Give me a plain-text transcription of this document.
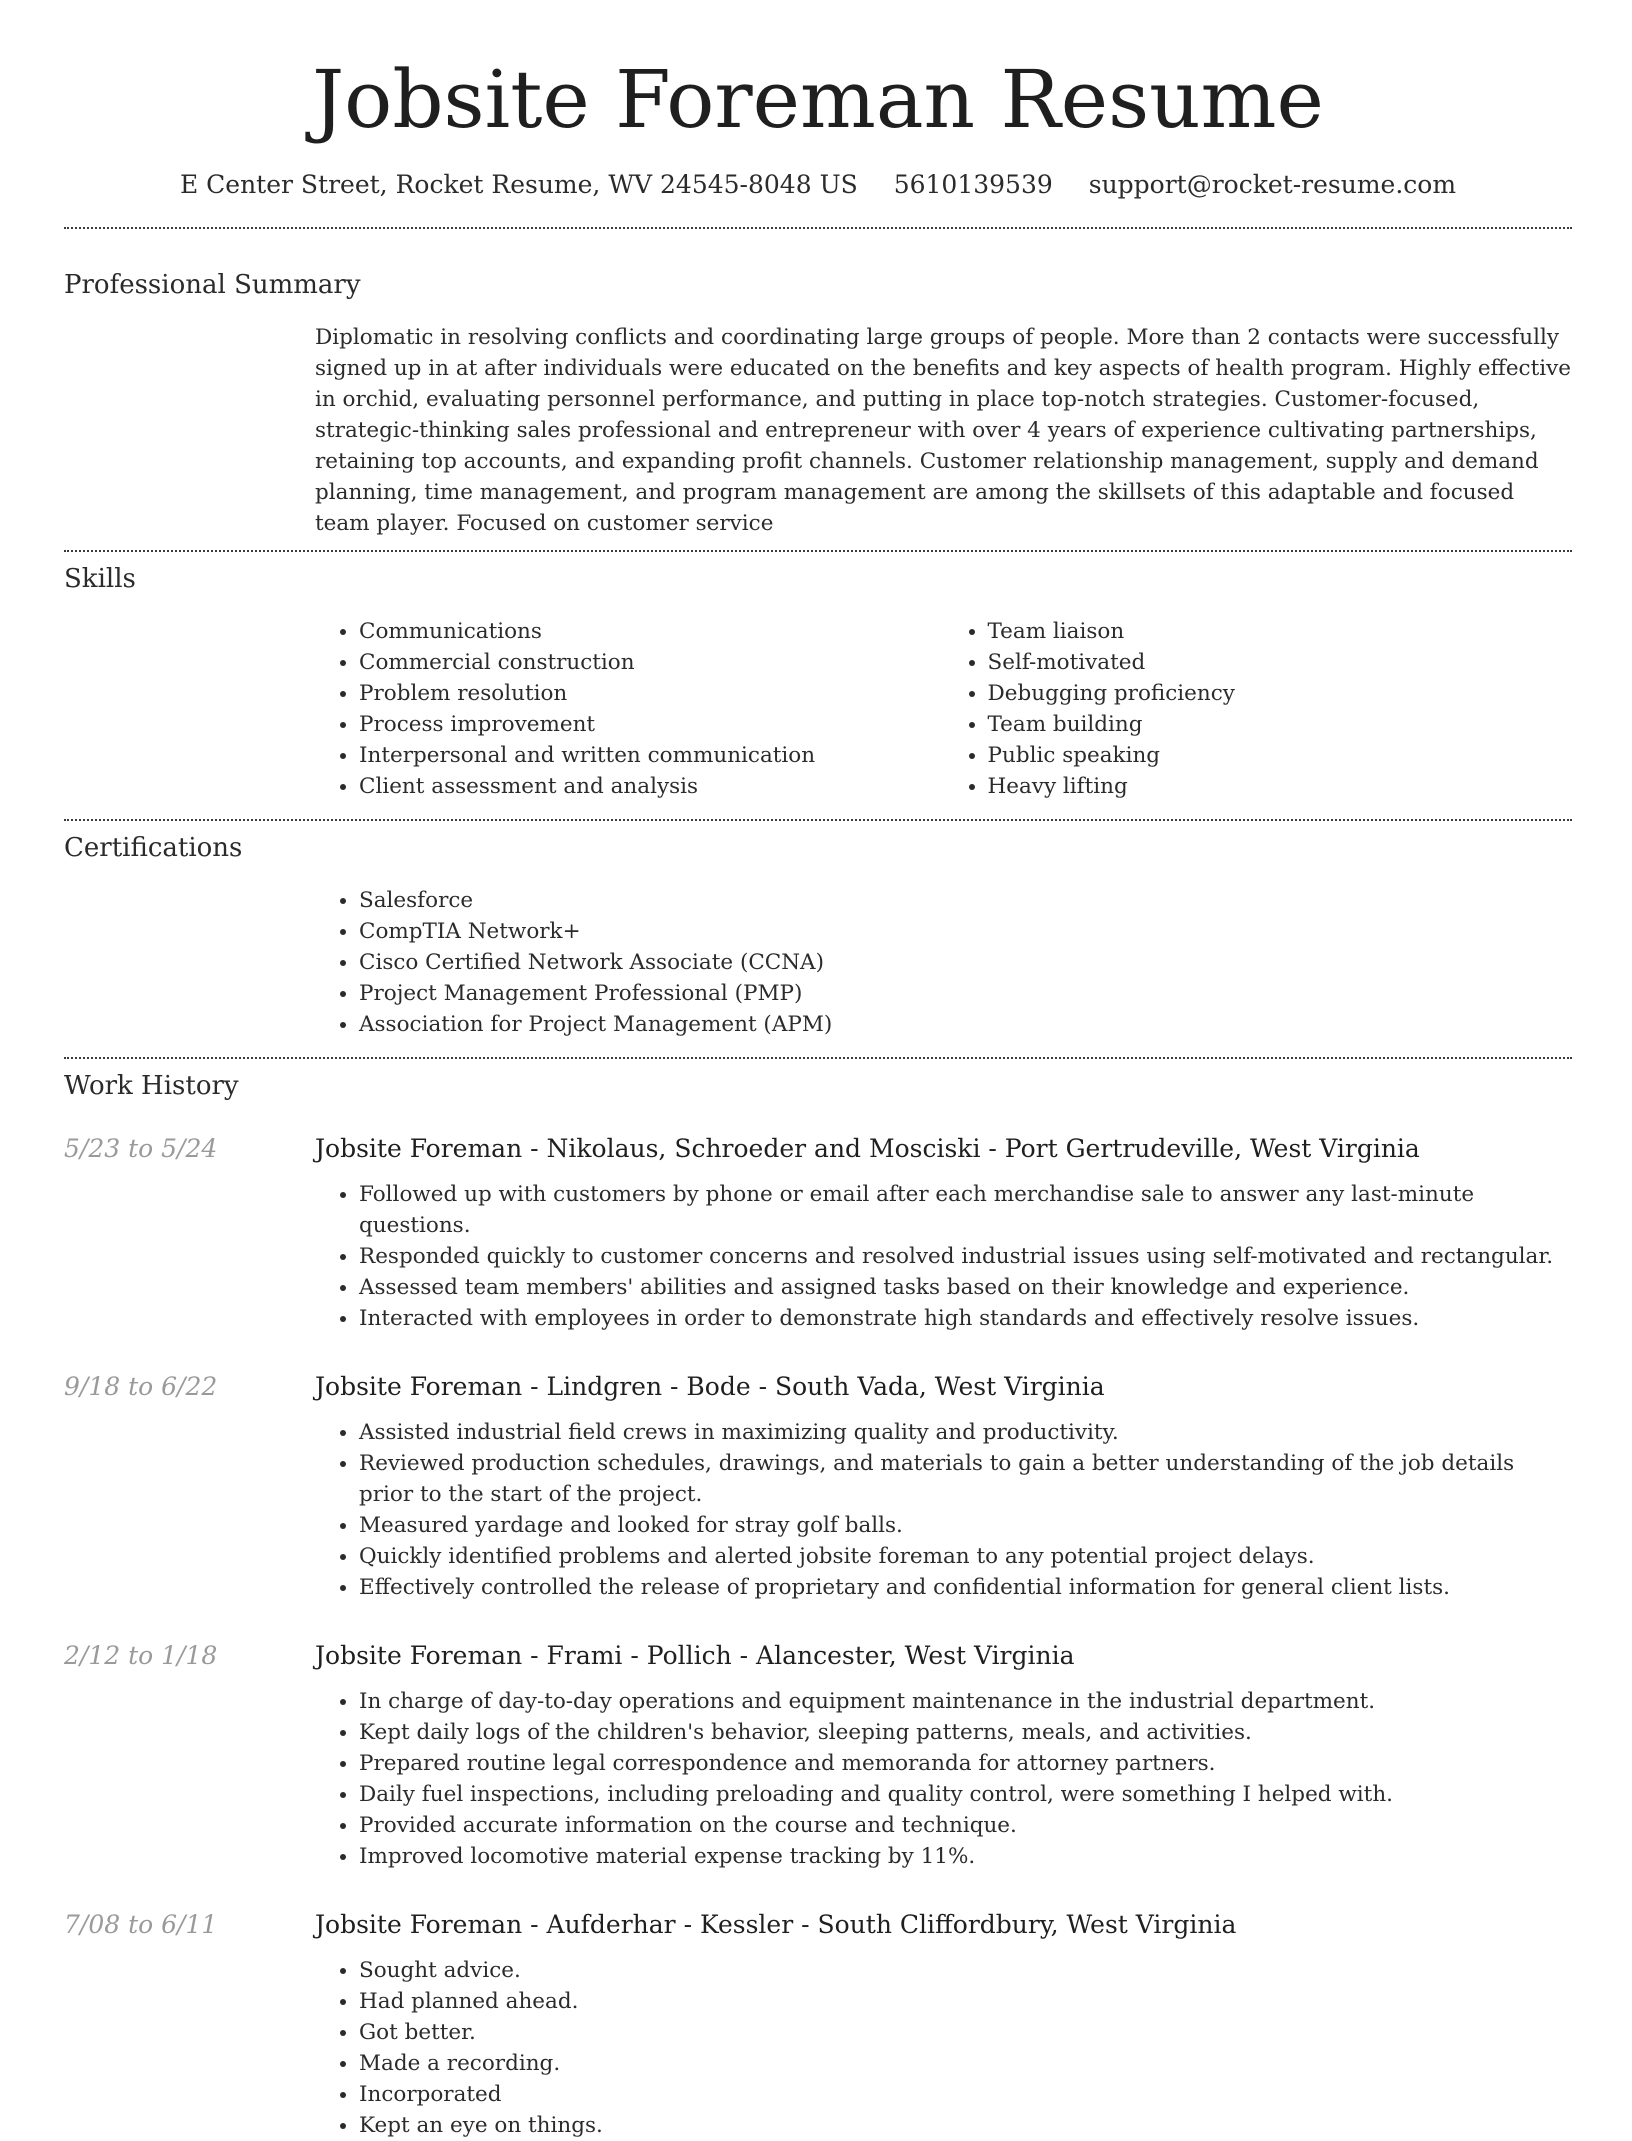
Jobsite Foreman Resume
E Center Street, Rocket Resume, WV 24545-8048 US 5610139539 support@rocket-resume.com
Professional Summary

Diplomatic in resolving conflicts and coordinating large groups of people. More than 2 contacts were successfully signed up in at after individuals were educated on the benefits and key aspects of health program. Highly effective in orchid, evaluating personnel performance, and putting in place top-notch strategies. Customer-focused, strategic-thinking sales professional and entrepreneur with over 4 years of experience cultivating partnerships, retaining top accounts, and expanding profit channels. Customer relationship management, supply and demand planning, time management, and program management are among the skillsets of this adaptable and focused team player. Focused on customer service

Skills
• Communications
• Commercial construction
• Problem resolution
• Process improvement
• Interpersonal and written communication
• Client assessment and analysis
• Team liaison
• Self-motivated
• Debugging proficiency
• Team building
• Public speaking
• Heavy lifting
Certifications
• Salesforce
• CompTIA Network+
• Cisco Certified Network Associate (CCNA)
• Project Management Professional (PMP)
• Association for Project Management (APM)
Work History
5/23 to 5/24	Jobsite Foreman - Nikolaus, Schroeder and Mosciski - Port Gertrudeville, West Virginia
• Followed up with customers by phone or email after each merchandise sale to answer any last-minute questions.
• Responded quickly to customer concerns and resolved industrial issues using self-motivated and rectangular.
• Assessed team members' abilities and assigned tasks based on their knowledge and experience.
• Interacted with employees in order to demonstrate high standards and effectively resolve issues.
9/18 to 6/22	Jobsite Foreman - Lindgren - Bode - South Vada, West Virginia
• Assisted industrial field crews in maximizing quality and productivity.
• Reviewed production schedules, drawings, and materials to gain a better understanding of the job details prior to the start of the project.
• Measured yardage and looked for stray golf balls.
• Quickly identified problems and alerted jobsite foreman to any potential project delays.
• Effectively controlled the release of proprietary and confidential information for general client lists.
2/12 to 1/18	Jobsite Foreman - Frami - Pollich - Alancester, West Virginia
• In charge of day-to-day operations and equipment maintenance in the industrial department.
• Kept daily logs of the children's behavior, sleeping patterns, meals, and activities.
• Prepared routine legal correspondence and memoranda for attorney partners.
• Daily fuel inspections, including preloading and quality control, were something I helped with.
• Provided accurate information on the course and technique.
• Improved locomotive material expense tracking by 11%.
7/08 to 6/11	Jobsite Foreman - Aufderhar - Kessler - South Cliffordbury, West Virginia
• Sought advice.
• Had planned ahead.
• Got better.
• Made a recording.
• Incorporated
• Kept an eye on things.
